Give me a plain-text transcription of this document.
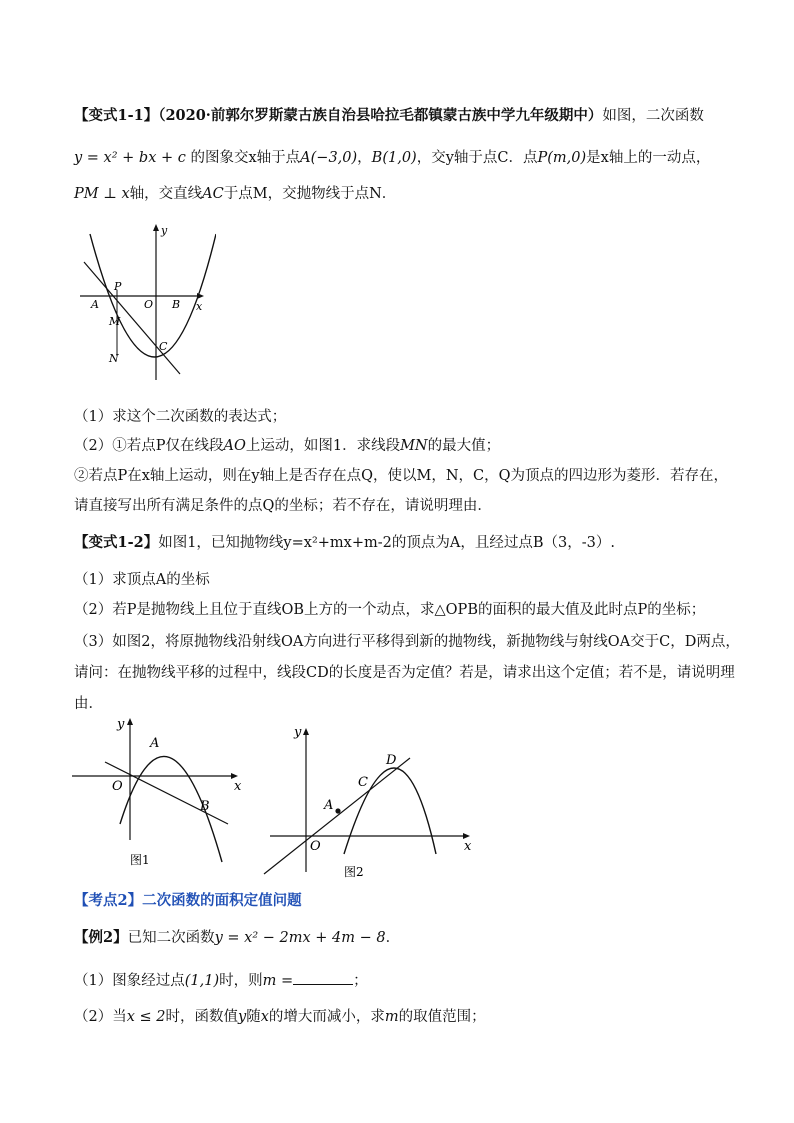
【变式1-1】（2020·前郭尔罗斯蒙古族自治县哈拉毛都镇蒙古族中学九年级期中）如图，二次函数
y = x² + bx + c 的图象交x轴于点A(−3,0)，B(1,0)，交y轴于点C．点P(m,0)是x轴上的一动点，
PM ⊥ x轴，交直线AC于点M，交抛物线于点N．
y
x
P
O
A	B
M
N
C
（1）求这个二次函数的表达式；
（2）①若点P仅在线段AO上运动，如图1．求线段MN的最大值；
②若点P在x轴上运动，则在y轴上是否存在点Q，使以M，N，C，Q为顶点的四边形为菱形．若存在，
请直接写出所有满足条件的点Q的坐标；若不存在，请说明理由．
【变式1-2】如图1，已知抛物线y=x²+mx+m-2的顶点为A，且经过点B（3，-3）.
（1）求顶点A的坐标
（2）若P是抛物线上且位于直线OB上方的一个动点，求△OPB的面积的最大值及此时点P的坐标；
（3）如图2，将原抛物线沿射线OA方向进行平移得到新的抛物线，新抛物线与射线OA交于C，D两点，
请问：在抛物线平移的过程中，线段CD的长度是否为定值？若是，请求出这个定值；若不是，请说明理
由．
y
x
O
A
B
图1
y
x
O
A
C
D
图2
【考点2】二次函数的面积定值问题
【例2】已知二次函数y = x² − 2mx + 4m − 8．
（1）图象经过点(1,1)时，则m =	；
（2）当x ≤ 2时，函数值y随x的增大而减小，求m的取值范围；
